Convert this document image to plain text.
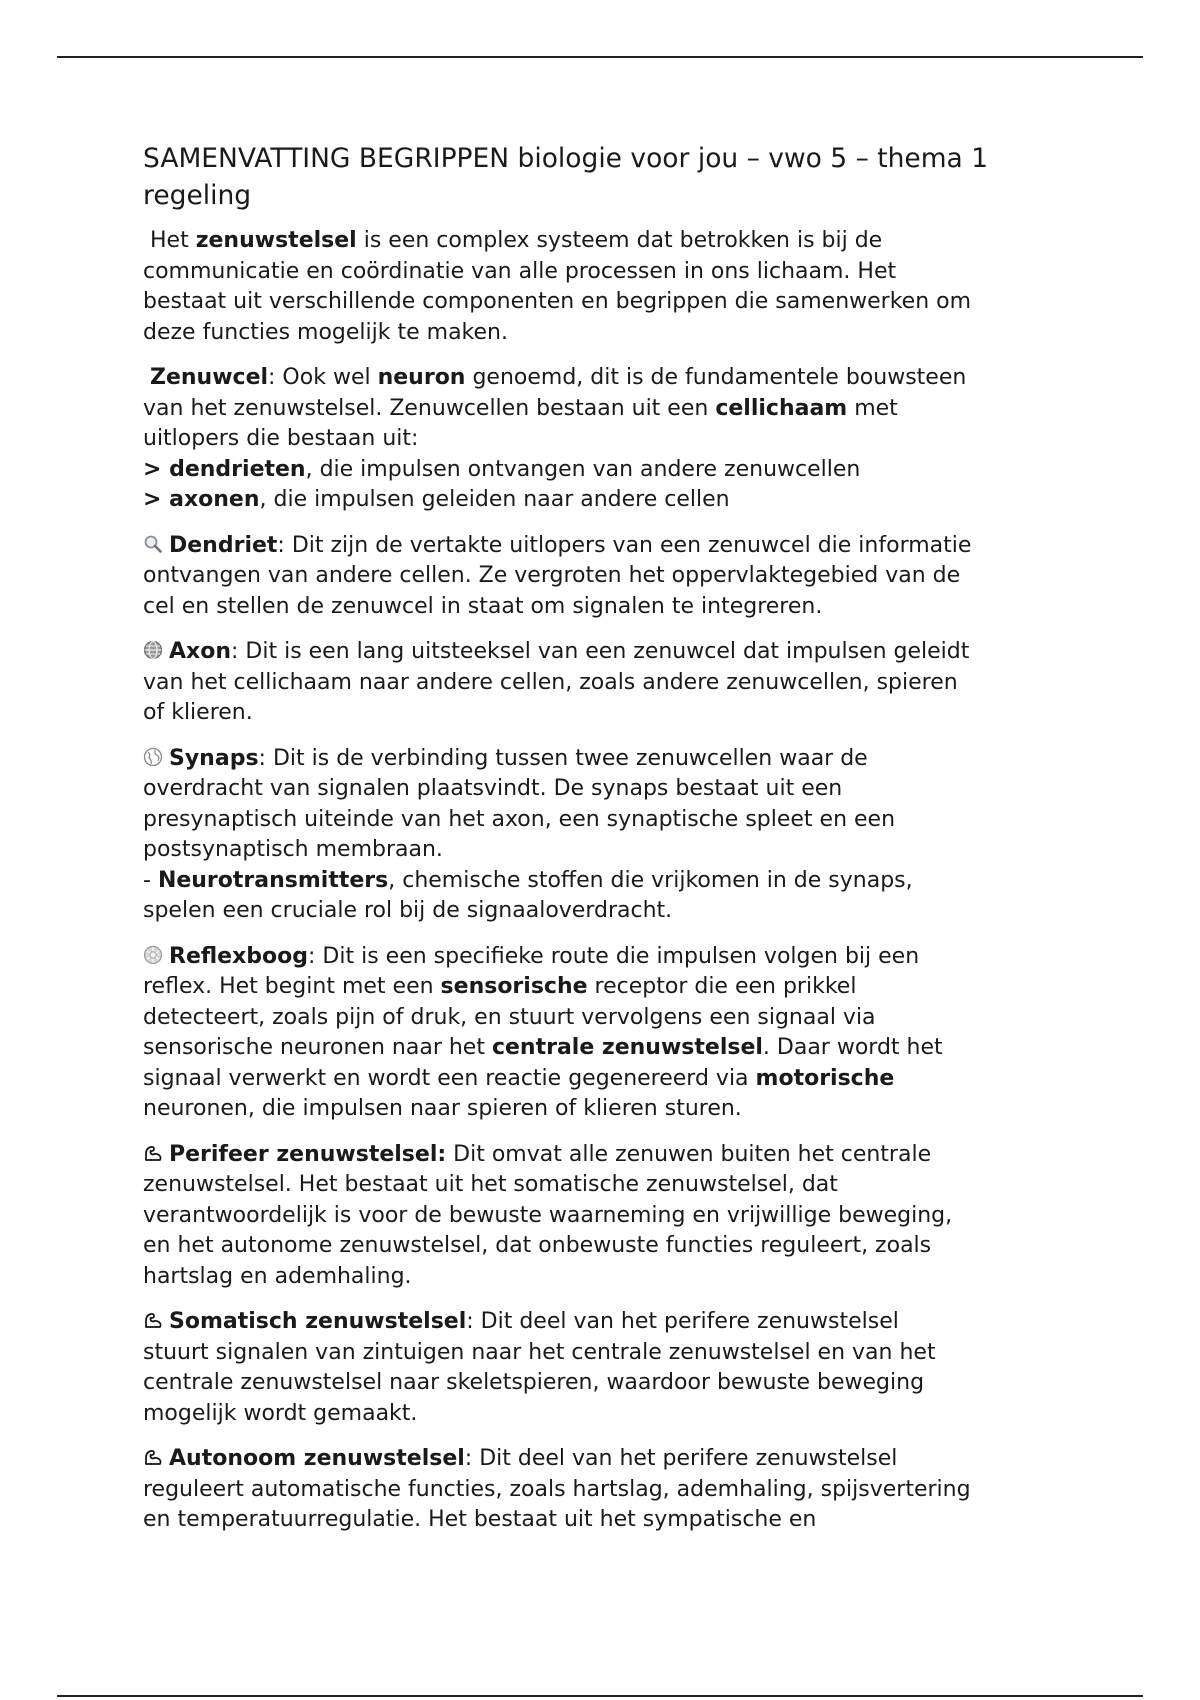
SAMENVATTING BEGRIPPEN biologie voor jou – vwo 5 – thema 1
regeling
Het zenuwstelsel is een complex systeem dat betrokken is bij de
communicatie en coördinatie van alle processen in ons lichaam. Het
bestaat uit verschillende componenten en begrippen die samenwerken om
deze functies mogelijk te maken.
Zenuwcel: Ook wel neuron genoemd, dit is de fundamentele bouwsteen
van het zenuwstelsel. Zenuwcellen bestaan uit een cellichaam met
uitlopers die bestaan uit:
> dendrieten, die impulsen ontvangen van andere zenuwcellen
> axonen, die impulsen geleiden naar andere cellen
Dendriet: Dit zijn de vertakte uitlopers van een zenuwcel die informatie
ontvangen van andere cellen. Ze vergroten het oppervlaktegebied van de
cel en stellen de zenuwcel in staat om signalen te integreren.
Axon: Dit is een lang uitsteeksel van een zenuwcel dat impulsen geleidt
van het cellichaam naar andere cellen, zoals andere zenuwcellen, spieren
of klieren.
Synaps: Dit is de verbinding tussen twee zenuwcellen waar de
overdracht van signalen plaatsvindt. De synaps bestaat uit een
presynaptisch uiteinde van het axon, een synaptische spleet en een
postsynaptisch membraan.
- Neurotransmitters, chemische stoffen die vrijkomen in de synaps,
spelen een cruciale rol bij de signaaloverdracht.
Reflexboog: Dit is een specifieke route die impulsen volgen bij een
reflex. Het begint met een sensorische receptor die een prikkel
detecteert, zoals pijn of druk, en stuurt vervolgens een signaal via
sensorische neuronen naar het centrale zenuwstelsel. Daar wordt het
signaal verwerkt en wordt een reactie gegenereerd via motorische
neuronen, die impulsen naar spieren of klieren sturen.
Perifeer zenuwstelsel: Dit omvat alle zenuwen buiten het centrale
zenuwstelsel. Het bestaat uit het somatische zenuwstelsel, dat
verantwoordelijk is voor de bewuste waarneming en vrijwillige beweging,
en het autonome zenuwstelsel, dat onbewuste functies reguleert, zoals
hartslag en ademhaling.
Somatisch zenuwstelsel: Dit deel van het perifere zenuwstelsel
stuurt signalen van zintuigen naar het centrale zenuwstelsel en van het
centrale zenuwstelsel naar skeletspieren, waardoor bewuste beweging
mogelijk wordt gemaakt.
Autonoom zenuwstelsel: Dit deel van het perifere zenuwstelsel
reguleert automatische functies, zoals hartslag, ademhaling, spijsvertering
en temperatuurregulatie. Het bestaat uit het sympatische en
